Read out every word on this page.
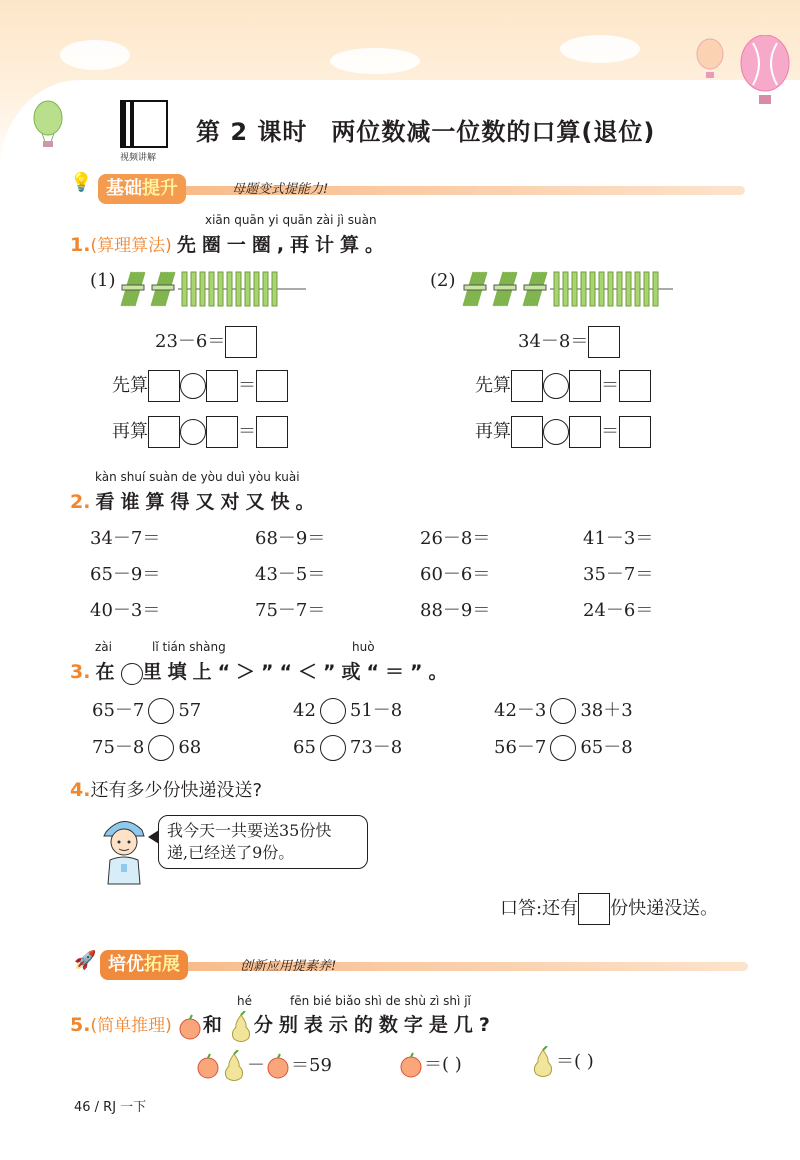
视频讲解
第 2 课时 两位数减一位数的口算(退位)
💡 基础提升	母题变式提能力!
xiān quān yi quān zài jì suàn
1.(算理算法) 先圈一圈,再计算。
(1)	(2)
23－6＝	34－8＝
先算	＝
再算	＝
先算	＝
再算	＝
kàn shuí suàn de yòu duì yòu kuài
2. 看谁算得又对又快。
34－7＝	68－9＝	26－8＝	41－3＝
65－9＝	43－5＝	60－6＝	35－7＝
40－3＝	75－7＝	88－9＝	24－6＝
zài	lǐ tián shàng	huò
3. 在 里填上“＞”“＜”或“＝”。
65－7 57	42 51－8	42－3 38＋3
75－8 68	65 73－8	56－7 65－8
4.还有多少份快递没送?
我今天一共要送35份快
递,已经送了9份。
口答:还有 份快递没送。
🚀 培优拓展	创新应用提素养!
hé	fēn bié biǎo shì de shù zì shì jǐ
5.(简单推理) 和 分别表示的数字是几?
－ ＝59	＝( )	＝( )
46 / RJ 一下
